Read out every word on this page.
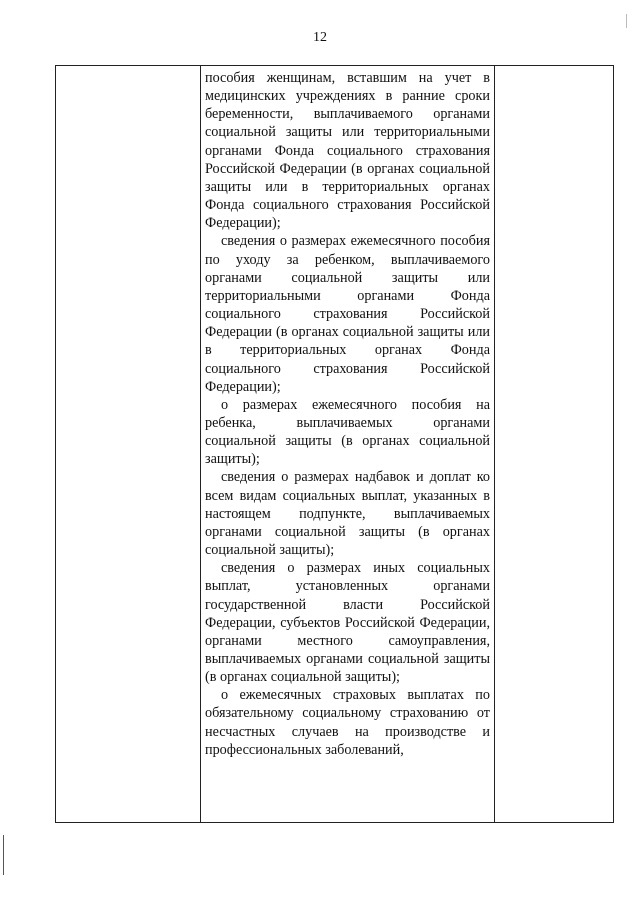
12

пособия женщинам, вставшим на учет в медицинских учреждениях в ранние сроки беременности, выплачиваемого органами социальной защиты или территориальными органами Фонда социального страхования Российской Федерации (в органах социальной защиты или в территориальных органах Фонда социального страхования Российской Федерации);

сведения о размерах ежемесячного пособия по уходу за ребенком, выплачиваемого органами социальной защиты или территориальными органами Фонда социального страхования Российской Федерации (в органах социальной защиты или в территориальных органах Фонда социального страхования Российской Федерации);

о размерах ежемесячного пособия на ребенка, выплачиваемых органами социальной защиты (в органах социальной защиты);

сведения о размерах надбавок и доплат ко всем видам социальных выплат, указанных в настоящем подпункте, выплачиваемых органами социальной защиты (в органах социальной защиты);

сведения о размерах иных социальных выплат, установленных органами государственной власти Российской Федерации, субъектов Российской Федерации, органами местного самоуправления, выплачиваемых органами социальной защиты (в органах социальной защиты);

о ежемесячных страховых выплатах по обязательному социальному страхованию от несчастных случаев на производстве и профессиональных заболеваний,
